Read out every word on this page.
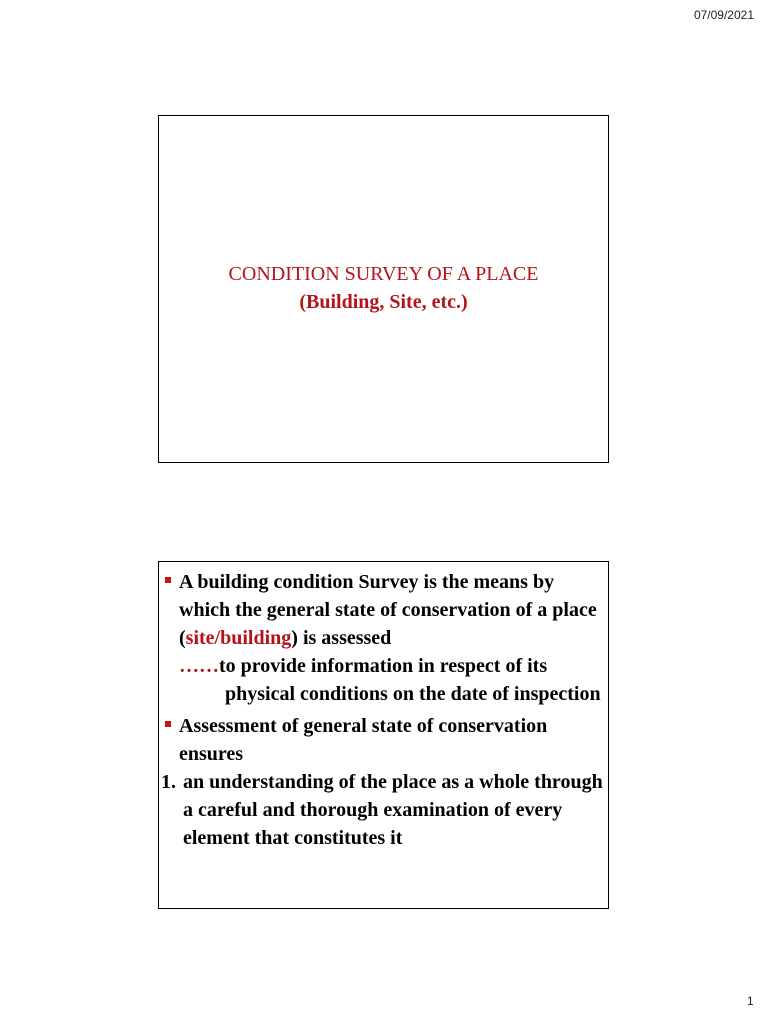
07/09/2021
CONDITION SURVEY OF A PLACE
(Building, Site, etc.)
A building condition Survey is the means by which the general state of conservation of a place (site/building) is assessed
……to provide information in respect of its
physical conditions on the date of inspection
Assessment of general state of conservation ensures
1. an understanding of the place as a whole through a careful and thorough examination of every element that constitutes it
1
